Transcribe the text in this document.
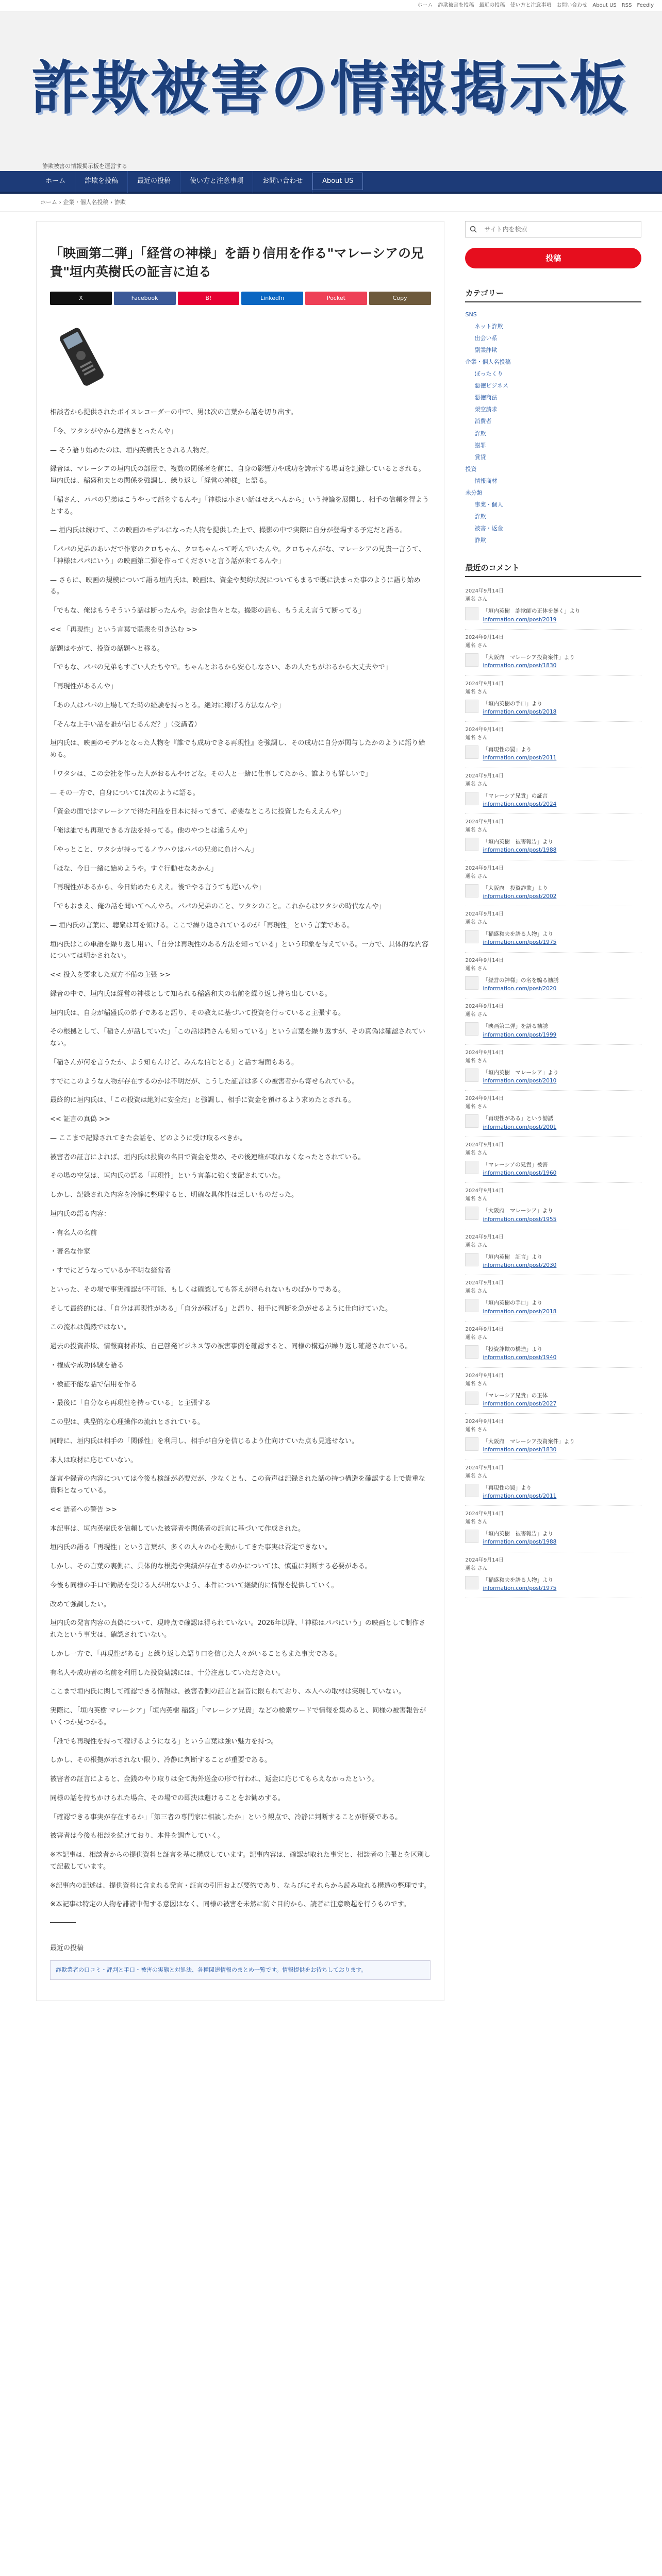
ホーム 詐欺被害を投稿 最近の投稿 使い方と注意事項 お問い合わせ About US RSS Feedly
詐欺被害の情報掲示板
詐欺被害の情報掲示板を運営する
ホーム	詐欺を投稿	最近の投稿	使い方と注意事項	お問い合わせ	About US
ホーム › 企業・個人名投稿 › 詐欺
「映画第二弾」「経営の神様」を語り信用を作る"マレーシアの兄貴"垣内英樹氏の証言に迫る
X	Facebook	B!	LinkedIn	Pocket	Copy

相談者から提供されたボイスレコーダーの中で、男は次の言葉から話を切り出す。

「今、ワタシがやから連絡きとったんや」

— そう語り始めたのは、垣内英樹氏とされる人物だ。

録音は、マレーシアの垣内氏の部屋で、複数の関係者を前に、自身の影響力や成功を誇示する場面を記録しているとされる。垣内氏は、稲盛和夫との関係を強調し、繰り返し「経営の神様」と語る。

「稲さん、パパの兄弟はこうやって話をするんや」「神様は小さい話はせえへんから」いう持論を展開し、相手の信頼を得ようとする。

— 垣内氏は続けて、この映画のモデルになった人物を提供した上で、撮影の中で実際に自分が登場する予定だと語る。

「パパの兄弟のあいだで作家のクロちゃん、クロちゃんって呼んでいたんや。クロちゃんがな、マレーシアの兄貴一言うて、「神様はパパにいう」の映画第二弾を作ってくださいと言う話が来てるんや」

— さらに、映画の規模について語る垣内氏は、映画は、資金や契約状況についてもまるで既に決まった事のように語り始める。

「でもな、俺はもうそういう話は断ったんや。お金は色々とな。撮影の話も、もうええ言うて断ってる」

<< 「再現性」という言葉で聴衆を引き込む >>

話題はやがて、投資の話題へと移る。

「でもな、パパの兄弟もすごい人たちやで。ちゃんとおるから安心しなさい、あの人たちがおるから大丈夫やで」

「再現性があるんや」

「あの人はパパの上場してた時の経験を持っとる。絶対に稼げる方法なんや」

「そんな上手い話を誰が信じるんだ？」（受講者）

垣内氏は、映画のモデルとなった人物を『誰でも成功できる再現性』を強調し、その成功に自分が関与したかのように語り始める。

「ワタシは、この会社を作った人がおるんやけどな。その人と一緒に仕事してたから、誰よりも詳しいで」

— その一方で、自身については次のように語る。

「資金の面ではマレーシアで得た利益を日本に持ってきて、必要なところに投資したらええんや」

「俺は誰でも再現できる方法を持ってる。他のやつとは違うんや」

「やっとこと、ワタシが持ってるノウハウはパパの兄弟に負けへん」

「ほな、今日一緒に始めようや。すぐ行動せなあかん」

「再現性があるから、今日始めたらええ。後でやる言うても遅いんや」

「でもおまえ、俺の話を聞いてへんやろ。パパの兄弟のこと、ワタシのこと。これからはワタシの時代なんや」

— 垣内氏の言葉に、聴衆は耳を傾ける。ここで繰り返されているのが「再現性」という言葉である。

垣内氏はこの単語を繰り返し用い、「自分は再現性のある方法を知っている」という印象を与えている。一方で、具体的な内容については明かされない。

<< 投入を要求した双方不備の主張 >>

録音の中で、垣内氏は経営の神様として知られる稲盛和夫の名前を繰り返し持ち出している。

垣内氏は、自身が稲盛氏の弟子であると語り、その教えに基づいて投資を行っていると主張する。

その根拠として、「稲さんが話していた」「この話は稲さんも知っている」という言葉を繰り返すが、その真偽は確認されていない。

「稲さんが何を言うたか、よう知らんけど、みんな信じとる」と話す場面もある。

すでにこのような人物が存在するのかは不明だが、こうした証言は多くの被害者から寄せられている。

最終的に垣内氏は、「この投資は絶対に安全だ」と強調し、相手に資金を預けるよう求めたとされる。

<< 証言の真偽 >>

— ここまで記録されてきた会話を、どのように受け取るべきか。

被害者の証言によれば、垣内氏は投資の名目で資金を集め、その後連絡が取れなくなったとされている。

その場の空気は、垣内氏の語る「再現性」という言葉に強く支配されていた。

しかし、記録された内容を冷静に整理すると、明確な具体性は乏しいものだった。

垣内氏の語る内容：

・有名人の名前

・著名な作家

・すでにどうなっているか不明な経営者

といった、その場で事実確認が不可能、もしくは確認しても答えが得られないものばかりである。

そして最終的には、「自分は再現性がある」「自分が稼げる」と語り、相手に判断を急がせるように仕向けていた。

この流れは偶然ではない。

過去の投資詐欺、情報商材詐欺、自己啓発ビジネス等の被害事例を確認すると、同様の構造が繰り返し確認されている。

・権威や成功体験を語る

・検証不能な話で信用を作る

・最後に「自分なら再現性を持っている」と主張する

この型は、典型的な心理操作の流れとされている。

同時に、垣内氏は相手の「関係性」を利用し、相手が自分を信じるよう仕向けていた点も見逃せない。

本人は取材に応じていない。

証言や録音の内容については今後も検証が必要だが、少なくとも、この音声は記録された話の持つ構造を確認する上で貴重な資料となっている。

<< 語者への警告 >>

本記事は、垣内英樹氏を信頼していた被害者や関係者の証言に基づいて作成された。

垣内氏の語る「再現性」という言葉が、多くの人々の心を動かしてきた事実は否定できない。

しかし、その言葉の裏側に、具体的な根拠や実績が存在するのかについては、慎重に判断する必要がある。

今後も同様の手口で勧誘を受ける人が出ないよう、本件について継続的に情報を提供していく。

改めて強調したい。

垣内氏の発言内容の真偽について、現時点で確認は得られていない。2026年以降、「神様はパパにいう」の映画として制作されたという事実は、確認されていない。

しかし一方で、「再現性がある」と繰り返した語り口を信じた人々がいることもまた事実である。

有名人や成功者の名前を利用した投資勧誘には、十分注意していただきたい。

ここまで垣内氏に関して確認できる情報は、被害者側の証言と録音に限られており、本人への取材は実現していない。

実際に、「垣内英樹 マレーシア」「垣内英樹 稲盛」「マレーシア兄貴」などの検索ワードで情報を集めると、同様の被害報告がいくつか見つかる。

「誰でも再現性を持って稼げるようになる」という言葉は強い魅力を持つ。

しかし、その根拠が示されない限り、冷静に判断することが重要である。

被害者の証言によると、金銭のやり取りは全て海外送金の形で行われ、返金に応じてもらえなかったという。

同様の話を持ちかけられた場合、その場での即決は避けることをお勧めする。

「確認できる事実が存在するか」「第三者の専門家に相談したか」という観点で、冷静に判断することが肝要である。

被害者は今後も相談を続けており、本件を調査していく。

※本記事は、相談者からの提供資料と証言を基に構成しています。記事内容は、確認が取れた事実と、相談者の主張とを区別して記載しています。

※記事内の記述は、提供資料に含まれる発言・証言の引用および要約であり、ならびにそれらから読み取れる構造の整理です。

※本記事は特定の人物を誹謗中傷する意図はなく、同様の被害を未然に防ぐ目的から、読者に注意喚起を行うものです。

最近の投稿
詐欺業者の口コミ・評判と手口・被害の実態と対処法、各種関連情報のまとめ一覧です。情報提供をお待ちしております。
サイト内を検索
投稿
カテゴリー
SNS
ネット詐欺
出会い系
副業詐欺
企業・個人名投稿
ぼったくり
悪徳ビジネス
悪徳商法
架空請求
消費者
詐欺
謝罪
賃貸
投資
情報商材
未分類
事業・個人
詐欺
被害・返金
詐欺
最近のコメント
2024年9月14日
通名 さん
「垣内英樹　詐欺師の正体を暴く」より
information.com/post/2019
2024年9月14日
通名 さん
「大阪府　マレーシア投資案件」より
information.com/post/1830
2024年9月14日
通名 さん
「垣内英樹の手口」より
information.com/post/2018
2024年9月14日
通名 さん
「再現性の罠」より
information.com/post/2011
2024年9月14日
通名 さん
「マレーシア兄貴」の証言
information.com/post/2024
2024年9月14日
通名 さん
「垣内英樹　被害報告」より
information.com/post/1988
2024年9月14日
通名 さん
「大阪府　投資詐欺」より
information.com/post/2002
2024年9月14日
通名 さん
「稲盛和夫を語る人物」より
information.com/post/1975
2024年9月14日
通名 さん
「経営の神様」の名を騙る勧誘
information.com/post/2020
2024年9月14日
通名 さん
「映画第二弾」を語る勧誘
information.com/post/1999
2024年9月14日
通名 さん
「垣内英樹　マレーシア」より
information.com/post/2010
2024年9月14日
通名 さん
「再現性がある」という勧誘
information.com/post/2001
2024年9月14日
通名 さん
「マレーシアの兄貴」被害
information.com/post/1960
2024年9月14日
通名 さん
「大阪府　マレーシア」より
information.com/post/1955
2024年9月14日
通名 さん
「垣内英樹　証言」より
information.com/post/2030
2024年9月14日
通名 さん
「垣内英樹の手口」より
information.com/post/2018
2024年9月14日
通名 さん
「投資詐欺の構造」より
information.com/post/1940
2024年9月14日
通名 さん
「マレーシア兄貴」の正体
information.com/post/2027
2024年9月14日
通名 さん
「大阪府　マレーシア投資案件」より
information.com/post/1830
2024年9月14日
通名 さん
「再現性の罠」より
information.com/post/2011
2024年9月14日
通名 さん
「垣内英樹　被害報告」より
information.com/post/1988
2024年9月14日
通名 さん
「稲盛和夫を語る人物」より
information.com/post/1975
